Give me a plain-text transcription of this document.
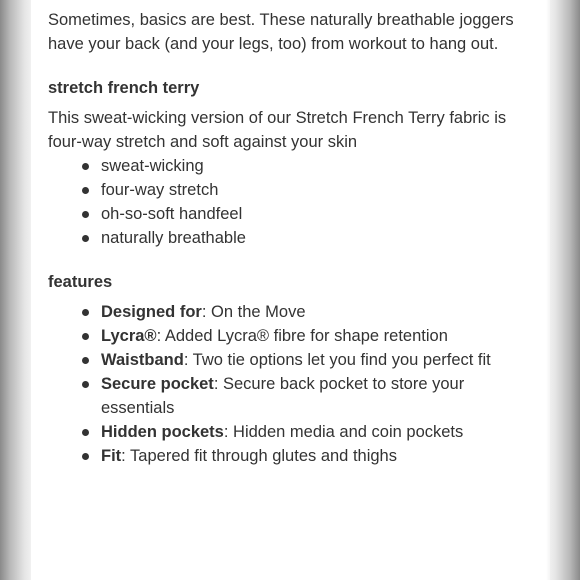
Sometimes, basics are best. These naturally breathable joggers have your back (and your legs, too) from workout to hang out.

stretch french terry

This sweat-wicking version of our Stretch French Terry fabric is four-way stretch and soft against your skin

sweat-wicking
four-way stretch
oh-so-soft handfeel
naturally breathable
features
Designed for: On the Move
Lycra®: Added Lycra® fibre for shape retention
Waistband: Two tie options let you find you perfect fit
Secure pocket: Secure back pocket to store your essentials
Hidden pockets: Hidden media and coin pockets
Fit: Tapered fit through glutes and thighs
